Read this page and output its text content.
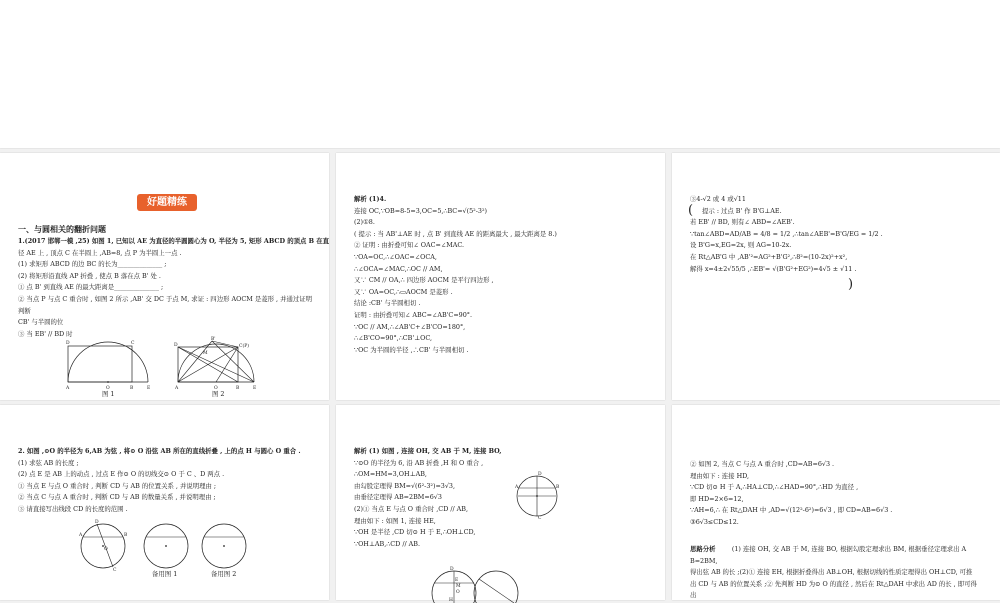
好题精练
一、与圆相关的翻折问题

1.(2017 邯郸一模 ,25) 如图 1, 已知以 AE 为直径的半圆圆心为 O, 半径为 5, 矩形 ABCD 的顶点 B 在直

径 AE 上 , 顶点 C 在半圆上 ,AB=8, 点 P 为半圆上一点 .

(1) 求矩形 ABCD 的边 BC 的长为______________ ;

(2) 将矩形沿直线 AP 折叠 , 使点 B 落在点 B' 处 .

① 点 B' 到直线 AE 的最大距离是______________ ;

② 当点 P 与点 C 重合时 , 如图 2 所示 ,AB' 交 DC 于点 M, 求证 : 四边形 AOCM 是菱形 , 并通过证明

判断

CB' 与半圆的位

③ 当 EB' // BD 时

D	C
A	O	B	E
D
B'
C(P)
M
A	O	B	E
图 1	图 2

解析 (1)4.

连接 OC,∵OB=8-5=3,OC=5,∴BC=√(5²-3²)

(2)①8.

( 提示 : 当 AB'⊥AE 时 , 点 B' 到直线 AE 的距离最大 , 最大距离是 8.)

② 证明 : 由折叠可知∠ OAC=∠MAC.

∵OA=OC,∴∠OAC=∠OCA,

∴∠OCA=∠MAC,∴OC // AM,

又∵ CM // OA,∴ 四边形 AOCM 是平行四边形 ,

又∵ OA=OC,∴▭AOCM 是菱形 .

结论 :CB' 与半圆相切 .

证明 : 由折叠可知∠ ABC=∠AB'C=90°.

∵OC // AM,∴∠AB'C+∠B'CO=180°,

∴∠B'CO=90°,∴CB'⊥OC,

∵OC 为半圆的半径 ,∴CB' 与半圆相切 .

(
)

③4-√2 或 4 或√11

提示 : 过点 B' 作 B'G⊥AE.

若 EB' // BD, 则有∠ ABD=∠AEB'.

∵tan∠ABD=AD/AB = 4/8 = 1/2 ,∴tan∠AEB'=B'G/EG = 1/2 .

设 B'G=x,EG=2x, 则 AG=10-2x.

在 Rt△AB'G 中 ,AB'²=AG²+B'G²,∴8²=(10-2x)²+x²,

解得 x=4±2√55/5 ,∴EB'= √(B'G²+EG²)=4√5 ± √11 .

2. 如图 ,⊙O 的半径为 6,AB 为弦 , 将⊙ O 沿弦 AB 所在的直线折叠 , 上的点 H 与圆心 O 重合 .

(1) 求弦 AB 的长度 ;

(2) 点 E 是 AB 上的动点 , 过点 E 作⊙ O 的切线交⊙ O 于 C 、D 两点 .

① 当点 E 与点 O 重合时 , 判断 CD 与 AB 的位置关系 , 并说明理由 ;

② 当点 C 与点 A 重合时 , 判断 CD 与 AB 的数量关系 , 并说明理由 ;

③ 请直接写出线段 CD 的长度的范围 .

D
C
A	B
O
备用图 1	备用图 2

解析 (1) 如图 , 连接 OH, 交 AB 于 M, 连接 BO,

∵⊙O 的半径为 6, 沿 AB 折叠 ,H 和 O 重合 ,

∴OM=HM=3,OH⊥AB,

由勾股定理得 BM=√(6²-3²)=3√3,

由垂径定理得 AB=2BM=6√3

(2)① 当点 E 与点 O 重合时 ,CD // AB,

理由如下 : 如图 1, 连接 HE,

∵OH 是半径 ,CD 切⊙ H 于 E,∴OH⊥CD,

∵OH⊥AB,∴CD // AB.

A	B
D
C
D
E
O
M
H

② 如图 2, 当点 C 与点 A 重合时 ,CD=AB=6√3 .

理由如下 : 连接 HD,

∵CD 切⊙ H 于 A,∴HA⊥CD,∴∠HAD=90°,∴HD 为直径 ,

即 HD=2×6=12,

∵AH=6,∴ 在 Rt△DAH 中 ,AD=√(12²-6²)=6√3 , 即 CD=AB=6√3 .

③6√3≤CD≤12.

思路分析	(1) 连接 OH, 交 AB 于 M, 连接 BO, 根据勾股定理求出 BM, 根据垂径定理求出 A

B=2BM,

得出弦 AB 的长 ;(2)① 连接 EH, 根据折叠得出 AB⊥OH, 根据切线的性质定理得出 OH⊥CD, 可推

出 CD 与 AB 的位置关系 ;② 先判断 HD 为⊙ O 的直径 , 然后在 Rt△DAH 中求出 AD 的长 , 即可得

出
